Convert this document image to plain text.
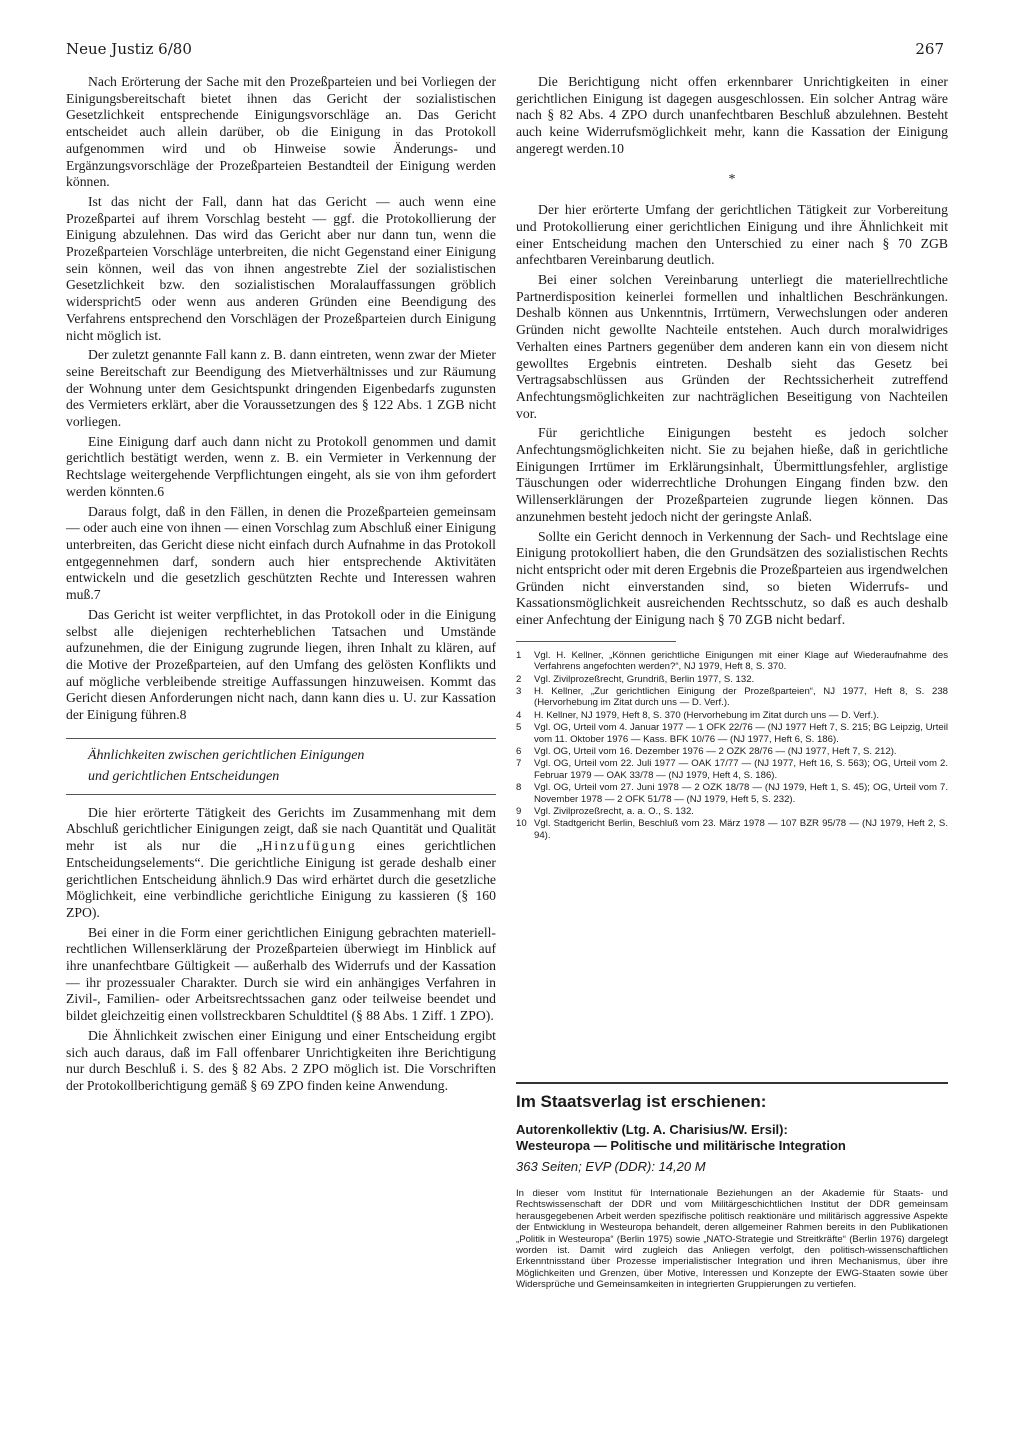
Neue Justiz 6/80	267

Nach Erörterung der Sache mit den Prozeßparteien und bei Vorliegen der Einigungsbereitschaft bietet ihnen das Gericht der sozialistischen Gesetzlichkeit entsprechende Einigungsvorschläge an. Das Gericht entscheidet auch allein darüber, ob die Einigung in das Protokoll aufgenommen wird und ob Hinweise sowie Änderungs- und Ergänzungsvorschläge der Prozeßparteien Bestandteil der Einigung werden können.

Ist das nicht der Fall, dann hat das Gericht — auch wenn eine Prozeßpartei auf ihrem Vorschlag besteht — ggf. die Protokollierung der Einigung abzulehnen. Das wird das Gericht aber nur dann tun, wenn die Prozeßparteien Vorschläge unterbreiten, die nicht Gegenstand einer Einigung sein können, weil das von ihnen angestrebte Ziel der sozialistischen Gesetzlichkeit bzw. den sozialistischen Moralauffassungen gröblich widerspricht5 oder wenn aus anderen Gründen eine Beendigung des Verfahrens entsprechend den Vorschlägen der Prozeßparteien durch Einigung nicht möglich ist.

Der zuletzt genannte Fall kann z. B. dann eintreten, wenn zwar der Mieter seine Bereitschaft zur Beendigung des Mietverhältnisses und zur Räumung der Wohnung unter dem Gesichtspunkt dringenden Eigenbedarfs zugunsten des Vermieters erklärt, aber die Voraussetzungen des § 122 Abs. 1 ZGB nicht vorliegen.

Eine Einigung darf auch dann nicht zu Protokoll genommen und damit gerichtlich bestätigt werden, wenn z. B. ein Vermieter in Verkennung der Rechtslage weitergehende Verpflichtungen eingeht, als sie von ihm gefordert werden könnten.6

Daraus folgt, daß in den Fällen, in denen die Prozeßparteien gemeinsam — oder auch eine von ihnen — einen Vorschlag zum Abschluß einer Einigung unterbreiten, das Gericht diese nicht einfach durch Aufnahme in das Protokoll entgegennehmen darf, sondern auch hier entsprechende Aktivitäten entwickeln und die gesetzlich geschützten Rechte und Interessen wahren muß.7

Das Gericht ist weiter verpflichtet, in das Protokoll oder in die Einigung selbst alle diejenigen rechterheblichen Tatsachen und Umstände aufzunehmen, die der Einigung zugrunde liegen, ihren Inhalt zu klären, auf die Motive der Prozeßparteien, auf den Umfang des gelösten Konflikts und auf mögliche verbleibende streitige Auffassungen hinzuweisen. Kommt das Gericht diesen Anforderungen nicht nach, dann kann dies u. U. zur Kassation der Einigung führen.8

Ähnlichkeiten zwischen gerichtlichen Einigungen

und gerichtlichen Entscheidungen

Die hier erörterte Tätigkeit des Gerichts im Zusammenhang mit dem Abschluß gerichtlicher Einigungen zeigt, daß sie nach Quantität und Qualität mehr ist als nur die „Hinzufügung eines gerichtlichen Entscheidungselements“. Die gerichtliche Einigung ist gerade deshalb einer gerichtlichen Entscheidung ähnlich.9 Das wird erhärtet durch die gesetzliche Möglichkeit, eine verbindliche gerichtliche Einigung zu kassieren (§ 160 ZPO).

Bei einer in die Form einer gerichtlichen Einigung gebrachten materiell-rechtlichen Willenserklärung der Prozeßparteien überwiegt im Hinblick auf ihre unanfechtbare Gültigkeit — außerhalb des Widerrufs und der Kassation — ihr prozessualer Charakter. Durch sie wird ein anhängiges Verfahren in Zivil-, Familien- oder Arbeitsrechtssachen ganz oder teilweise beendet und bildet gleichzeitig einen vollstreckbaren Schuldtitel (§ 88 Abs. 1 Ziff. 1 ZPO).

Die Ähnlichkeit zwischen einer Einigung und einer Entscheidung ergibt sich auch daraus, daß im Fall offenbarer Unrichtigkeiten ihre Berichtigung nur durch Beschluß i. S. des § 82 Abs. 2 ZPO möglich ist. Die Vorschriften der Protokollberichtigung gemäß § 69 ZPO finden keine Anwendung.

Die Berichtigung nicht offen erkennbarer Unrichtigkeiten in einer gerichtlichen Einigung ist dagegen ausgeschlossen. Ein solcher Antrag wäre nach § 82 Abs. 4 ZPO durch unanfechtbaren Beschluß abzulehnen. Besteht auch keine Widerrufsmöglichkeit mehr, kann die Kassation der Einigung angeregt werden.10

*

Der hier erörterte Umfang der gerichtlichen Tätigkeit zur Vorbereitung und Protokollierung einer gerichtlichen Einigung und ihre Ähnlichkeit mit einer Entscheidung machen den Unterschied zu einer nach § 70 ZGB anfechtbaren Vereinbarung deutlich.

Bei einer solchen Vereinbarung unterliegt die materiellrechtliche Partnerdisposition keinerlei formellen und inhaltlichen Beschränkungen. Deshalb können aus Unkenntnis, Irrtümern, Verwechslungen oder anderen Gründen nicht gewollte Nachteile entstehen. Auch durch moralwidriges Verhalten eines Partners gegenüber dem anderen kann ein von diesem nicht gewolltes Ergebnis eintreten. Deshalb sieht das Gesetz bei Vertragsabschlüssen aus Gründen der Rechtssicherheit zutreffend Anfechtungsmöglichkeiten zur nachträglichen Beseitigung von Nachteilen vor.

Für gerichtliche Einigungen besteht es jedoch solcher Anfechtungsmöglichkeiten nicht. Sie zu bejahen hieße, daß in gerichtliche Einigungen Irrtümer im Erklärungsinhalt, Übermittlungsfehler, arglistige Täuschungen oder widerrechtliche Drohungen Eingang finden bzw. den Willenserklärungen der Prozeßparteien zugrunde liegen können. Das anzunehmen besteht jedoch nicht der geringste Anlaß.

Sollte ein Gericht dennoch in Verkennung der Sach- und Rechtslage eine Einigung protokolliert haben, die den Grundsätzen des sozialistischen Rechts nicht entspricht oder mit deren Ergebnis die Prozeßparteien aus irgendwelchen Gründen nicht einverstanden sind, so bieten Widerrufs- und Kassationsmöglichkeit ausreichenden Rechtsschutz, so daß es auch deshalb einer Anfechtung der Einigung nach § 70 ZGB nicht bedarf.

1	Vgl. H. Kellner, „Können gerichtliche Einigungen mit einer Klage auf Wiederaufnahme des Verfahrens angefochten werden?“, NJ 1979, Heft 8, S. 370.
2	Vgl. Zivilprozeßrecht, Grundriß, Berlin 1977, S. 132.
3	H. Kellner, „Zur gerichtlichen Einigung der Prozeßparteien“, NJ 1977, Heft 8, S. 238 (Hervorhebung im Zitat durch uns — D. Verf.).
4	H. Kellner, NJ 1979, Heft 8, S. 370 (Hervorhebung im Zitat durch uns — D. Verf.).
5	Vgl. OG, Urteil vom 4. Januar 1977 — 1 OFK 22/76 — (NJ 1977 Heft 7, S. 215; BG Leipzig, Urteil vom 11. Oktober 1976 — Kass. BFK 10/76 — (NJ 1977, Heft 6, S. 186).
6	Vgl. OG, Urteil vom 16. Dezember 1976 — 2 OZK 28/76 — (NJ 1977, Heft 7, S. 212).
7	Vgl. OG, Urteil vom 22. Juli 1977 — OAK 17/77 — (NJ 1977, Heft 16, S. 563); OG, Urteil vom 2. Februar 1979 — OAK 33/78 — (NJ 1979, Heft 4, S. 186).
8	Vgl. OG, Urteil vom 27. Juni 1978 — 2 OZK 18/78 — (NJ 1979, Heft 1, S. 45); OG, Urteil vom 7. November 1978 — 2 OFK 51/78 — (NJ 1979, Heft 5, S. 232).
9	Vgl. Zivilprozeßrecht, a. a. O., S. 132.
10 Vgl. Stadtgericht Berlin, Beschluß vom 23. März 1978 — 107 BZR 95/78 — (NJ 1979, Heft 2, S. 94).
Im Staatsverlag ist erschienen:
Autorenkollektiv (Ltg. A. Charisius/W. Ersil):
Westeuropa — Politische und militärische Integration
363 Seiten; EVP (DDR): 14,20 M
In dieser vom Institut für Internationale Beziehungen an der Akademie für Staats- und Rechtswissenschaft der DDR und vom Militärgeschichtlichen Institut der DDR gemeinsam herausgegebenen Arbeit werden spezifische politisch reaktionäre und militärisch aggressive Aspekte der Entwicklung in Westeuropa behandelt, deren allgemeiner Rahmen bereits in den Publikationen „Politik in Westeuropa“ (Berlin 1975) sowie „NATO-Strategie und Streitkräfte“ (Berlin 1976) dargelegt worden ist. Damit wird zugleich das Anliegen verfolgt, den politisch-wissenschaftlichen Erkenntnisstand über Prozesse imperialistischer Integration und ihren Mechanismus, über ihre Möglichkeiten und Grenzen, über Motive, Interessen und Konzepte der EWG-Staaten sowie über Widersprüche und Gemeinsamkeiten in integrierten Gruppierungen zu vertiefen.
